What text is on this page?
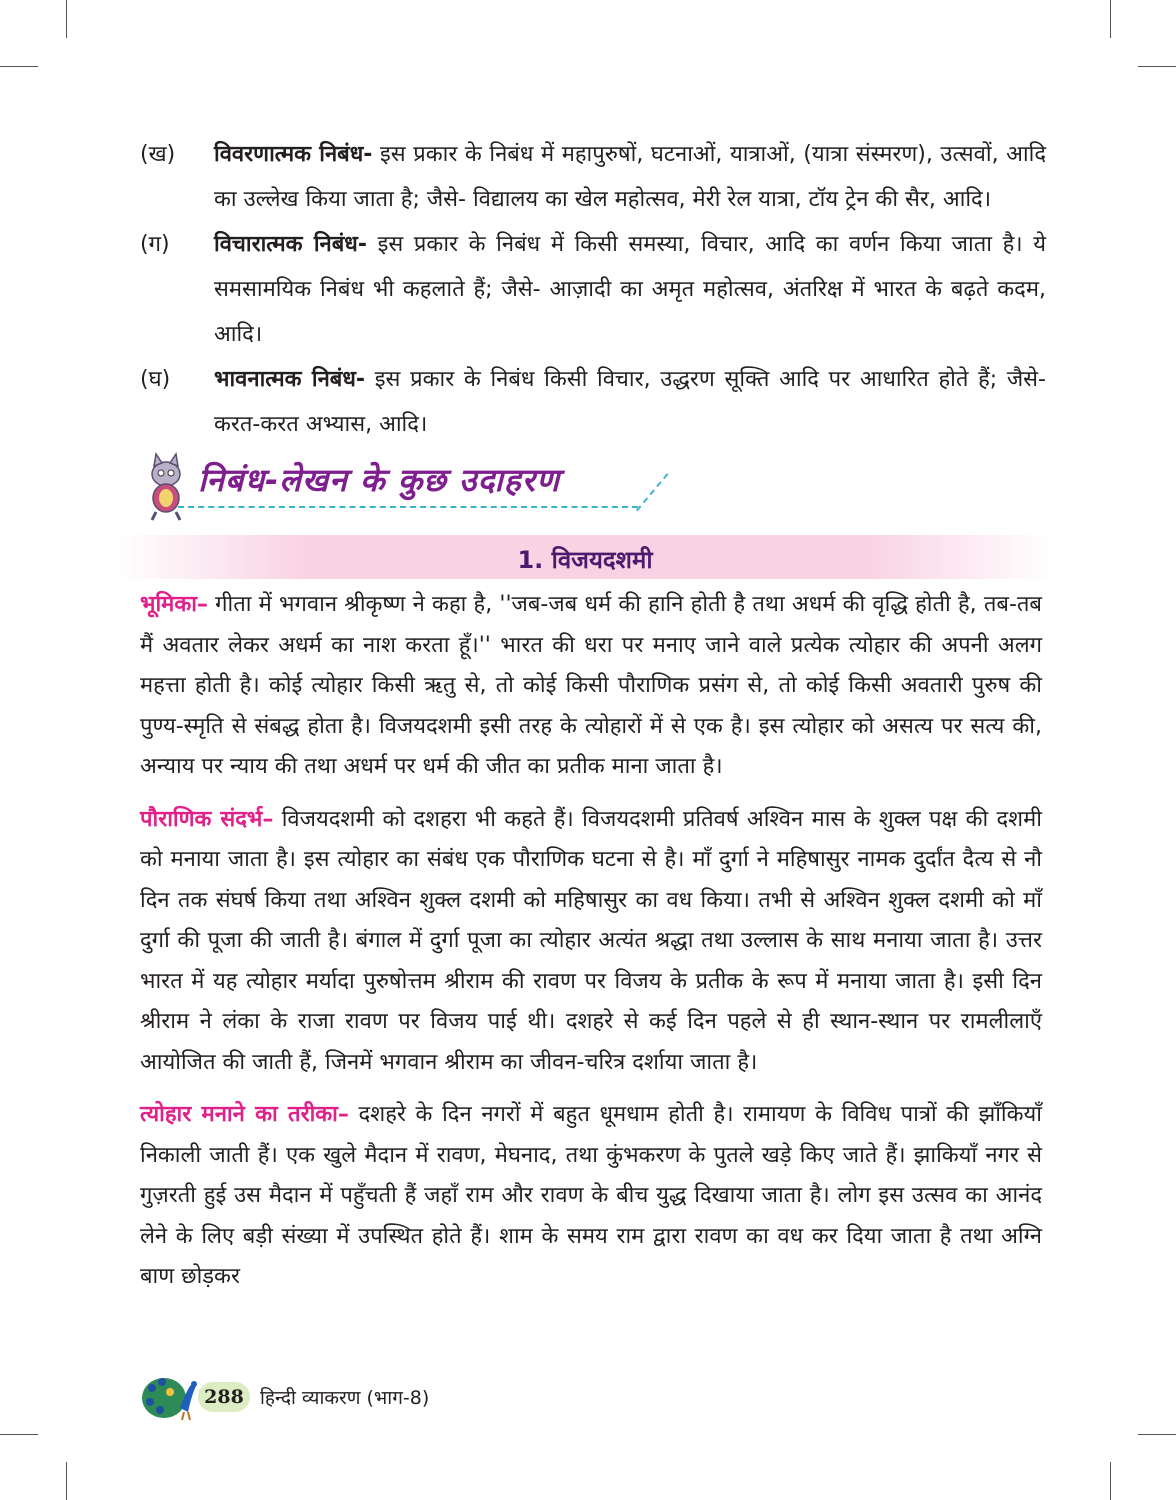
(ख)	विवरणात्मक निबंध- इस प्रकार के निबंध में महापुरुषों, घटनाओं, यात्राओं, (यात्रा संस्मरण), उत्सवों, आदि का उल्लेख किया जाता है; जैसे- विद्यालय का खेल महोत्सव, मेरी रेल यात्रा, टॉय ट्रेन की सैर, आदि।
(ग)	विचारात्मक निबंध- इस प्रकार के निबंध में किसी समस्या, विचार, आदि का वर्णन किया जाता है। ये समसामयिक निबंध भी कहलाते हैं; जैसे- आज़ादी का अमृत महोत्सव, अंतरिक्ष में भारत के बढ़ते कदम, आदि।
(घ)	भावनात्मक निबंध- इस प्रकार के निबंध किसी विचार, उद्धरण सूक्ति आदि पर आधारित होते हैं; जैसे- करत-करत अभ्यास, आदि।
निबंध-लेखन के कुछ उदाहरण
1. विजयदशमी

भूमिका– गीता में भगवान श्रीकृष्ण ने कहा है, ''जब-जब धर्म की हानि होती है तथा अधर्म की वृद्धि होती है, तब-तब मैं अवतार लेकर अधर्म का नाश करता हूँ।'' भारत की धरा पर मनाए जाने वाले प्रत्येक त्योहार की अपनी अलग महत्ता होती है। कोई त्योहार किसी ऋतु से, तो कोई किसी पौराणिक प्रसंग से, तो कोई किसी अवतारी पुरुष की पुण्य-स्मृति से संबद्ध होता है। विजयदशमी इसी तरह के त्योहारों में से एक है। इस त्योहार को असत्य पर सत्य की, अन्याय पर न्याय की तथा अधर्म पर धर्म की जीत का प्रतीक माना जाता है।

पौराणिक संदर्भ– विजयदशमी को दशहरा भी कहते हैं। विजयदशमी प्रतिवर्ष अश्विन मास के शुक्ल पक्ष की दशमी को मनाया जाता है। इस त्योहार का संबंध एक पौराणिक घटना से है। माँ दुर्गा ने महिषासुर नामक दुर्दांत दैत्य से नौ दिन तक संघर्ष किया तथा अश्विन शुक्ल दशमी को महिषासुर का वध किया। तभी से अश्विन शुक्ल दशमी को माँ दुर्गा की पूजा की जाती है। बंगाल में दुर्गा पूजा का त्योहार अत्यंत श्रद्धा तथा उल्लास के साथ मनाया जाता है। उत्तर भारत में यह त्योहार मर्यादा पुरुषोत्तम श्रीराम की रावण पर विजय के प्रतीक के रूप में मनाया जाता है। इसी दिन श्रीराम ने लंका के राजा रावण पर विजय पाई थी। दशहरे से कई दिन पहले से ही स्थान-स्थान पर रामलीलाएँ आयोजित की जाती हैं, जिनमें भगवान श्रीराम का जीवन-चरित्र दर्शाया जाता है।

त्योहार मनाने का तरीका– दशहरे के दिन नगरों में बहुत धूमधाम होती है। रामायण के विविध पात्रों की झाँकियाँ निकाली जाती हैं। एक खुले मैदान में रावण, मेघनाद, तथा कुंभकरण के पुतले खड़े किए जाते हैं। झाकियाँ नगर से गुज़रती हुई उस मैदान में पहुँचती हैं जहाँ राम और रावण के बीच युद्ध दिखाया जाता है। लोग इस उत्सव का आनंद लेने के लिए बड़ी संख्या में उपस्थित होते हैं। शाम के समय राम द्वारा रावण का वध कर दिया जाता है तथा अग्नि बाण छोड़कर

288 हिन्दी व्याकरण (भाग-8)
